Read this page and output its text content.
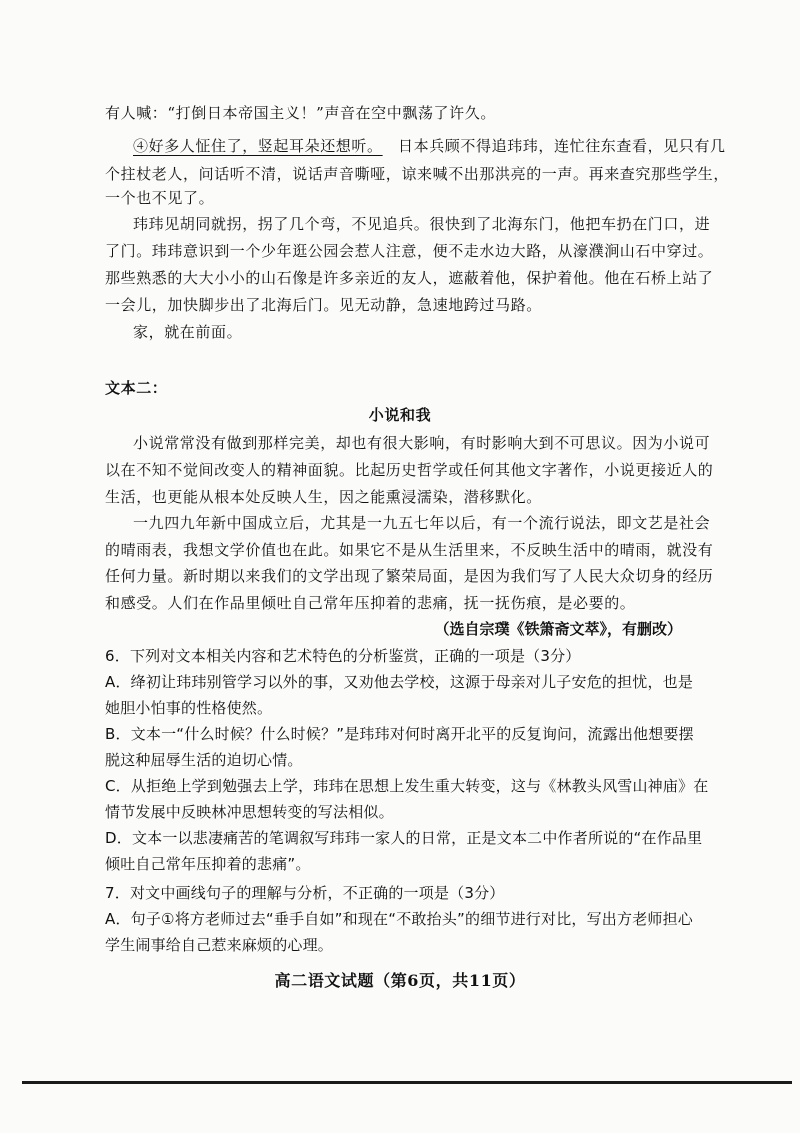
有人喊：“打倒日本帝国主义！”声音在空中飘荡了许久。
④好多人怔住了，竖起耳朵还想听。 日本兵顾不得追玮玮，连忙往东查看，见只有几
个拄杖老人，问话听不清，说话声音嘶哑，谅来喊不出那洪亮的一声。再来查究那些学生，
一个也不见了。
玮玮见胡同就拐，拐了几个弯，不见追兵。很快到了北海东门，他把车扔在门口，进
了门。玮玮意识到一个少年逛公园会惹人注意，便不走水边大路，从濠濮涧山石中穿过。
那些熟悉的大大小小的山石像是许多亲近的友人，遮蔽着他，保护着他。他在石桥上站了
一会儿，加快脚步出了北海后门。见无动静，急速地跨过马路。
家，就在前面。
文本二：
小说和我
小说常常没有做到那样完美，却也有很大影响，有时影响大到不可思议。因为小说可
以在不知不觉间改变人的精神面貌。比起历史哲学或任何其他文字著作，小说更接近人的
生活，也更能从根本处反映人生，因之能熏浸濡染，潜移默化。
一九四九年新中国成立后，尤其是一九五七年以后，有一个流行说法，即文艺是社会
的晴雨表，我想文学价值也在此。如果它不是从生活里来，不反映生活中的晴雨，就没有
任何力量。新时期以来我们的文学出现了繁荣局面，是因为我们写了人民大众切身的经历
和感受。人们在作品里倾吐自己常年压抑着的悲痛，抚一抚伤痕，是必要的。
（选自宗璞《铁箫斋文萃》，有删改）
6．下列对文本相关内容和艺术特色的分析鉴赏，正确的一项是（3分）
A．绛初让玮玮别管学习以外的事，又劝他去学校，这源于母亲对儿子安危的担忧，也是
她胆小怕事的性格使然。
B．文本一“什么时候？什么时候？”是玮玮对何时离开北平的反复询问，流露出他想要摆
脱这种屈辱生活的迫切心情。
C．从拒绝上学到勉强去上学，玮玮在思想上发生重大转变，这与《林教头风雪山神庙》在
情节发展中反映林冲思想转变的写法相似。
D．文本一以悲凄痛苦的笔调叙写玮玮一家人的日常，正是文本二中作者所说的“在作品里
倾吐自己常年压抑着的悲痛”。
7．对文中画线句子的理解与分析，不正确的一项是（3分）
A．句子①将方老师过去“垂手自如”和现在“不敢抬头”的细节进行对比，写出方老师担心
学生闹事给自己惹来麻烦的心理。
高二语文试题（第6页，共11页）
